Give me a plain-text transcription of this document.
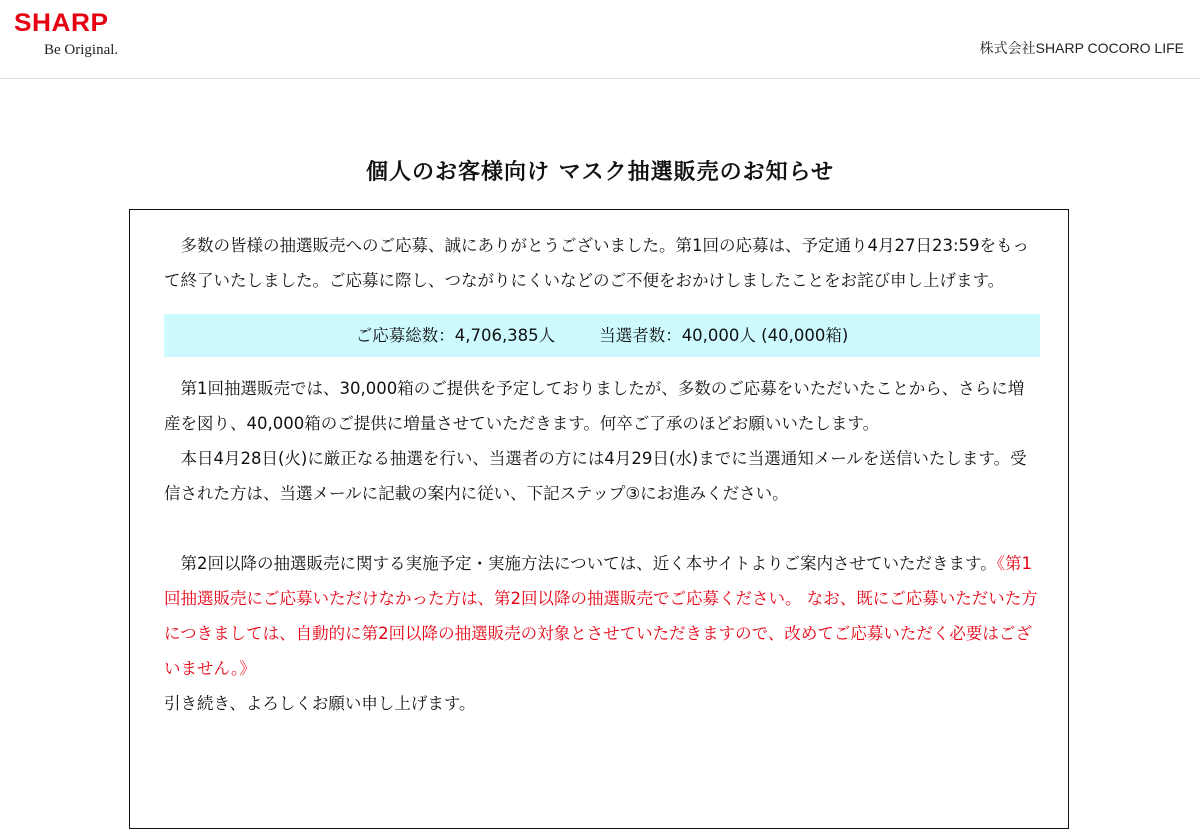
SHARP
Be Original.	株式会社SHARP COCORO LIFE
個人のお客様向け マスク抽選販売のお知らせ

多数の皆様の抽選販売へのご応募、誠にありがとうございました。第1回の応募は、予定通り4月27日23:59をもって終了いたしました。ご応募に際し、つながりにくいなどのご不便をおかけしましたことをお詫び申し上げます。

ご応募総数：4,706,385人	当選者数：40,000人 (40,000箱)

第1回抽選販売では、30,000箱のご提供を予定しておりましたが、多数のご応募をいただいたことから、さらに増産を図り、40,000箱のご提供に増量させていただきます。何卒ご了承のほどお願いいたします。

本日4月28日(火)に厳正なる抽選を行い、当選者の方には4月29日(水)までに当選通知メールを送信いたします。受信された方は、当選メールに記載の案内に従い、下記ステップ③にお進みください。

第2回以降の抽選販売に関する実施予定・実施方法については、近く本サイトよりご案内させていただきます。《第1回抽選販売にご応募いただけなかった方は、第2回以降の抽選販売でご応募ください。 なお、既にご応募いただいた方につきましては、自動的に第2回以降の抽選販売の対象とさせていただきますので、改めてご応募いただく必要はございません。》

引き続き、よろしくお願い申し上げます。
